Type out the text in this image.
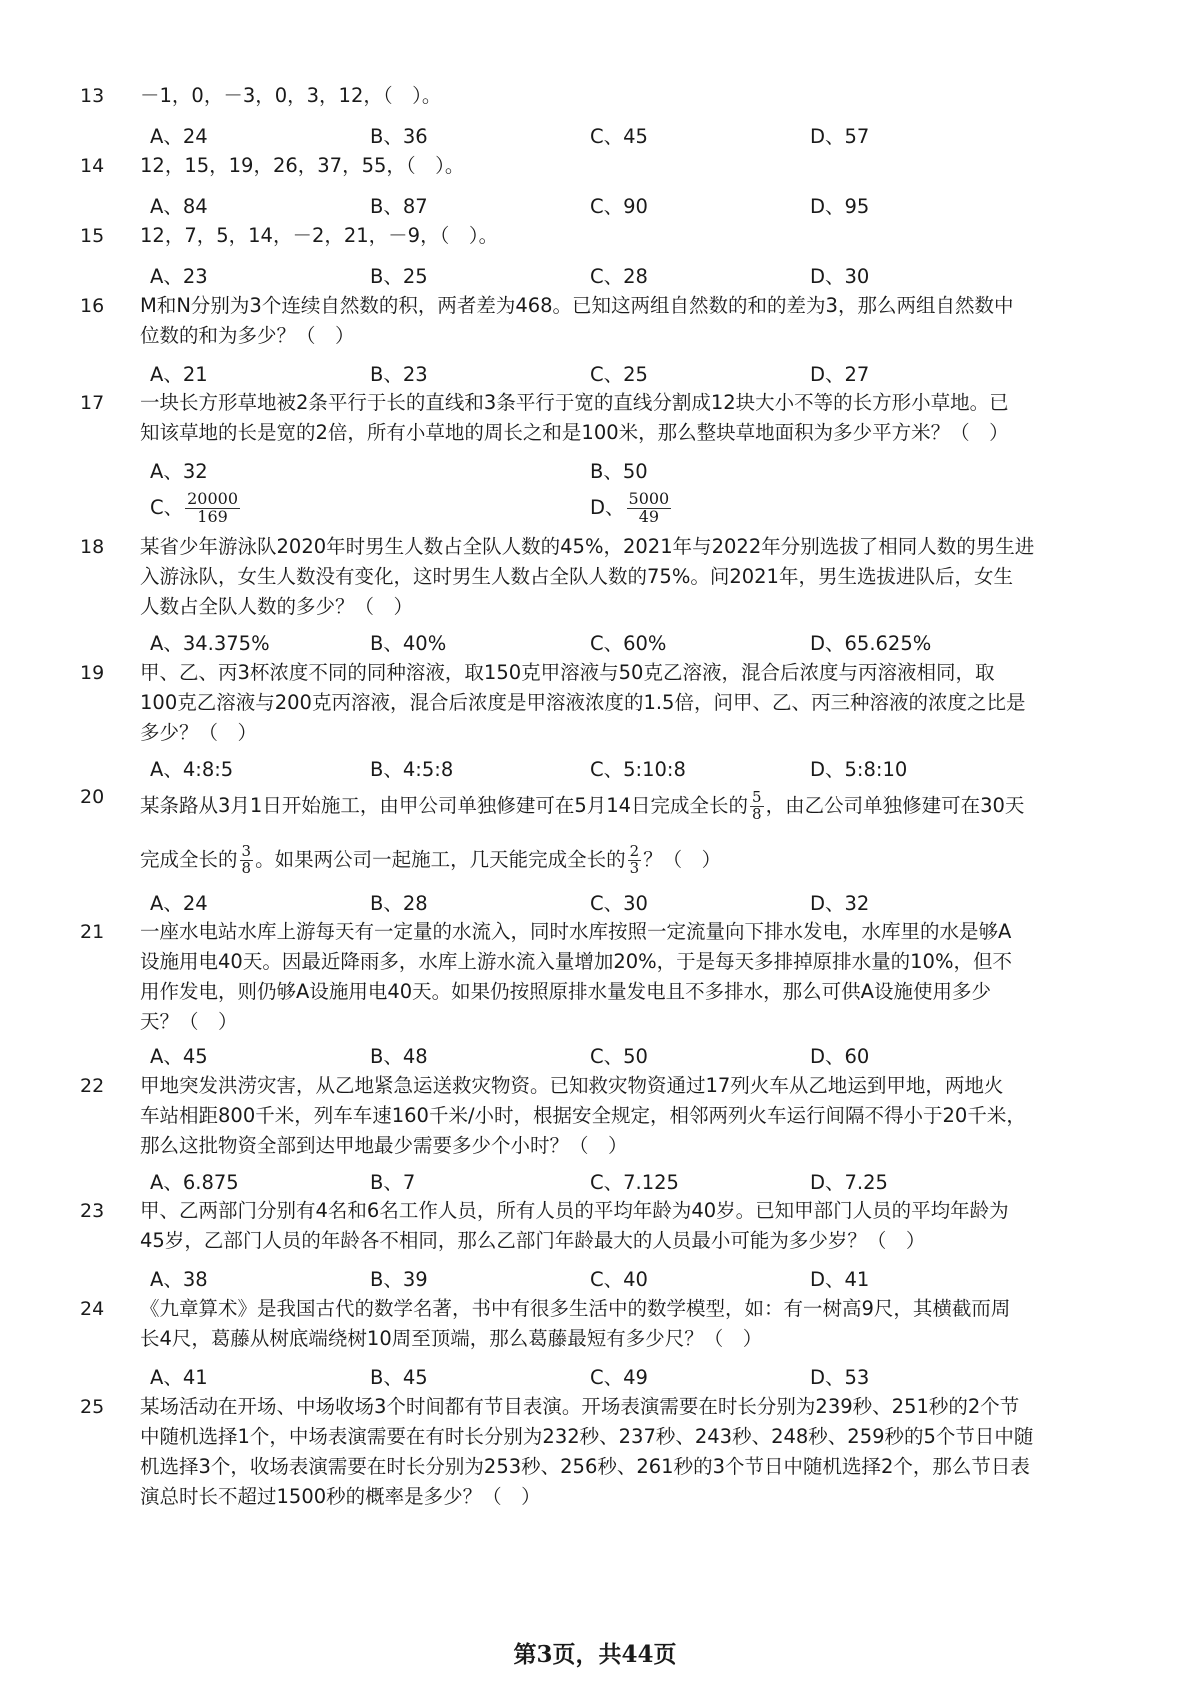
13	－1，0，－3，0，3，12，（　）。
A、24	B、36	C、45	D、57
14	12，15，19，26，37，55，（　）。
A、84	B、87	C、90	D、95
15	12，7，5，14，－2，21，－9，（　）。
A、23	B、25	C、28	D、30
16	M和N分别为3个连续自然数的积，两者差为468。已知这两组自然数的和的差为3，那么两组自然数中
位数的和为多少？（　）
A、21	B、23	C、25	D、27
17	一块长方形草地被2条平行于长的直线和3条平行于宽的直线分割成12块大小不等的长方形小草地。已
知该草地的长是宽的2倍，所有小草地的周长之和是100米，那么整块草地面积为多少平方米？（　）
A、32	B、50
C、 $\frac{20000}{169}$	D、 $\frac{5000}{49}$
18	某省少年游泳队2020年时男生人数占全队人数的45%，2021年与2022年分别选拔了相同人数的男生进
入游泳队，女生人数没有变化，这时男生人数占全队人数的75%。问2021年，男生选拔进队后，女生
人数占全队人数的多少？（　）
A、34.375%	B、40%	C、60%	D、65.625%
19	甲、乙、丙3杯浓度不同的同种溶液，取150克甲溶液与50克乙溶液，混合后浓度与丙溶液相同，取
100克乙溶液与200克丙溶液，混合后浓度是甲溶液浓度的1.5倍，问甲、乙、丙三种溶液的浓度之比是
多少？（　）
A、4:8:5	B、4:5:8	C、5:10:8	D、5:8:10
20	某条路从3月1日开始施工，由甲公司单独修建可在5月14日完成全长的 $\frac{5}{8}$ ，由乙公司单独修建可在30天
完成全长的 $\frac{3}{8}$ 。如果两公司一起施工，几天能完成全长的 $\frac{2}{3}$ ？（　）
A、24	B、28	C、30	D、32
21	一座水电站水库上游每天有一定量的水流入，同时水库按照一定流量向下排水发电，水库里的水是够A
设施用电40天。因最近降雨多，水库上游水流入量增加20%，于是每天多排掉原排水量的10%，但不
用作发电，则仍够A设施用电40天。如果仍按照原排水量发电且不多排水，那么可供A设施使用多少
天？（　）
A、45	B、48	C、50	D、60
22	甲地突发洪涝灾害，从乙地紧急运送救灾物资。已知救灾物资通过17列火车从乙地运到甲地，两地火
车站相距800千米，列车车速160千米/小时，根据安全规定，相邻两列火车运行间隔不得小于20千米，
那么这批物资全部到达甲地最少需要多少个小时？（　）
A、6.875	B、7	C、7.125	D、7.25
23	甲、乙两部门分别有4名和6名工作人员，所有人员的平均年龄为40岁。已知甲部门人员的平均年龄为
45岁，乙部门人员的年龄各不相同，那么乙部门年龄最大的人员最小可能为多少岁？（　）
A、38	B、39	C、40	D、41
24	《九章算术》是我国古代的数学名著，书中有很多生活中的数学模型，如：有一树高9尺，其横截而周
长4尺，葛藤从树底端绕树10周至顶端，那么葛藤最短有多少尺？（　）
A、41	B、45	C、49	D、53
25	某场活动在开场、中场收场3个时间都有节目表演。开场表演需要在时长分别为239秒、251秒的2个节
中随机选择1个，中场表演需要在有时长分别为232秒、237秒、243秒、248秒、259秒的5个节日中随
机选择3个，收场表演需要在时长分别为253秒、256秒、261秒的3个节日中随机选择2个，那么节日表
演总时长不超过1500秒的概率是多少？（　）
第3页，共44页
